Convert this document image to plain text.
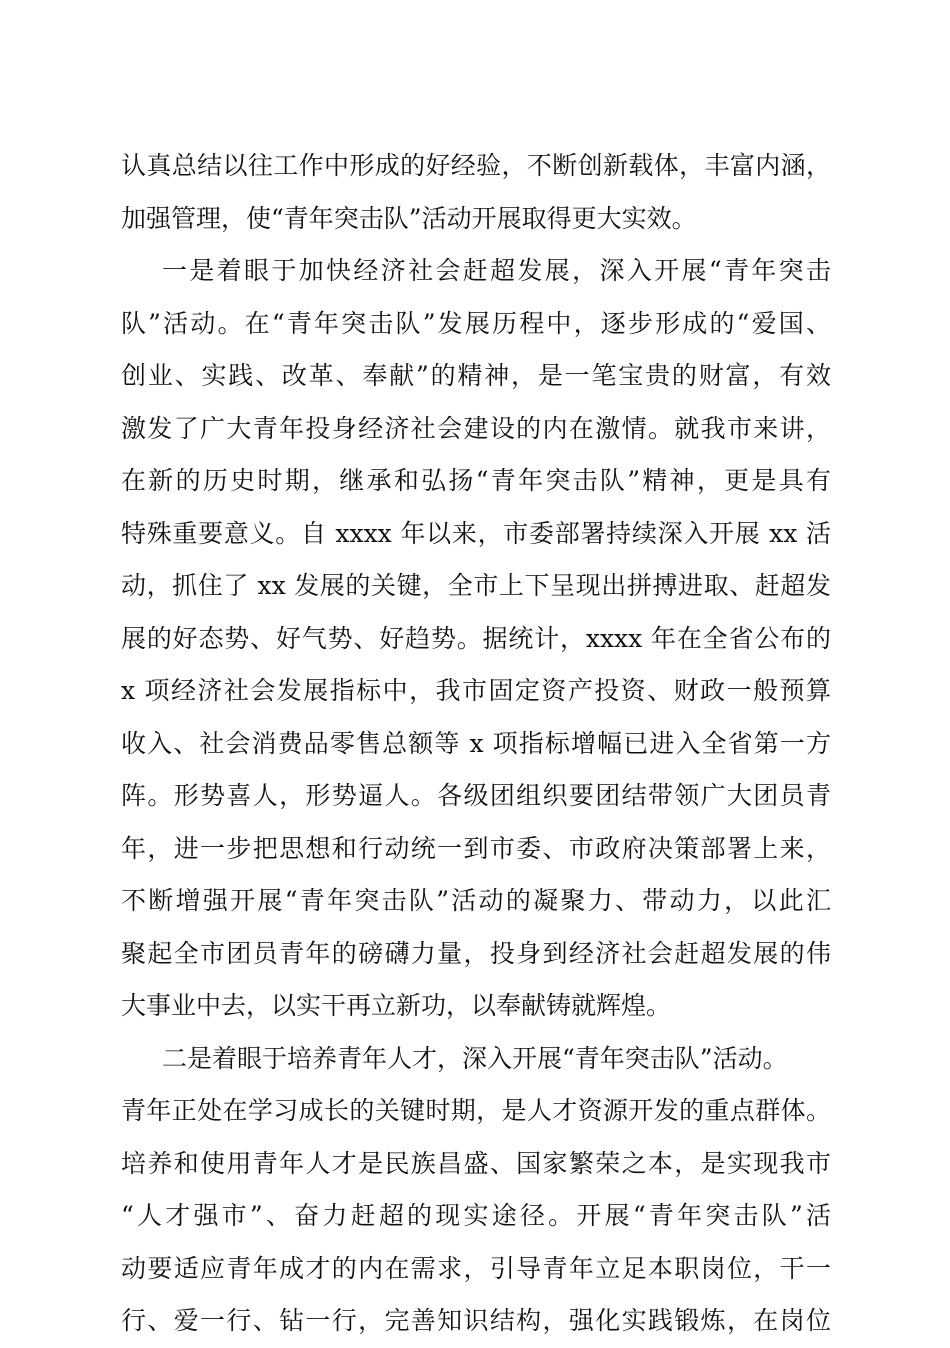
认真总结以往工作中形成的好经验，不断创新载体，丰富内涵，
加强管理，使“青年突击队”活动开展取得更大实效。
一是着眼于加快经济社会赶超发展，深入开展“青年突击
队”活动。在“青年突击队”发展历程中，逐步形成的“爱国、
创业、实践、改革、奉献”的精神，是一笔宝贵的财富，有效
激发了广大青年投身经济社会建设的内在激情。就我市来讲，
在新的历史时期，继承和弘扬“青年突击队”精神，更是具有
特殊重要意义。自 xxxx 年以来，市委部署持续深入开展 xx 活
动，抓住了 xx 发展的关键，全市上下呈现出拼搏进取、赶超发
展的好态势、好气势、好趋势。据统计，xxxx 年在全省公布的
x 项经济社会发展指标中，我市固定资产投资、财政一般预算
收入、社会消费品零售总额等 x 项指标增幅已进入全省第一方
阵。形势喜人，形势逼人。各级团组织要团结带领广大团员青
年，进一步把思想和行动统一到市委、市政府决策部署上来，
不断增强开展“青年突击队”活动的凝聚力、带动力，以此汇
聚起全市团员青年的磅礴力量，投身到经济社会赶超发展的伟
大事业中去，以实干再立新功，以奉献铸就辉煌。
二是着眼于培养青年人才，深入开展“青年突击队”活动。
青年正处在学习成长的关键时期，是人才资源开发的重点群体。
培养和使用青年人才是民族昌盛、国家繁荣之本，是实现我市
“人才强市”、奋力赶超的现实途径。开展“青年突击队”活
动要适应青年成才的内在需求，引导青年立足本职岗位，干一
行、爱一行、钻一行，完善知识结构，强化实践锻炼，在岗位
